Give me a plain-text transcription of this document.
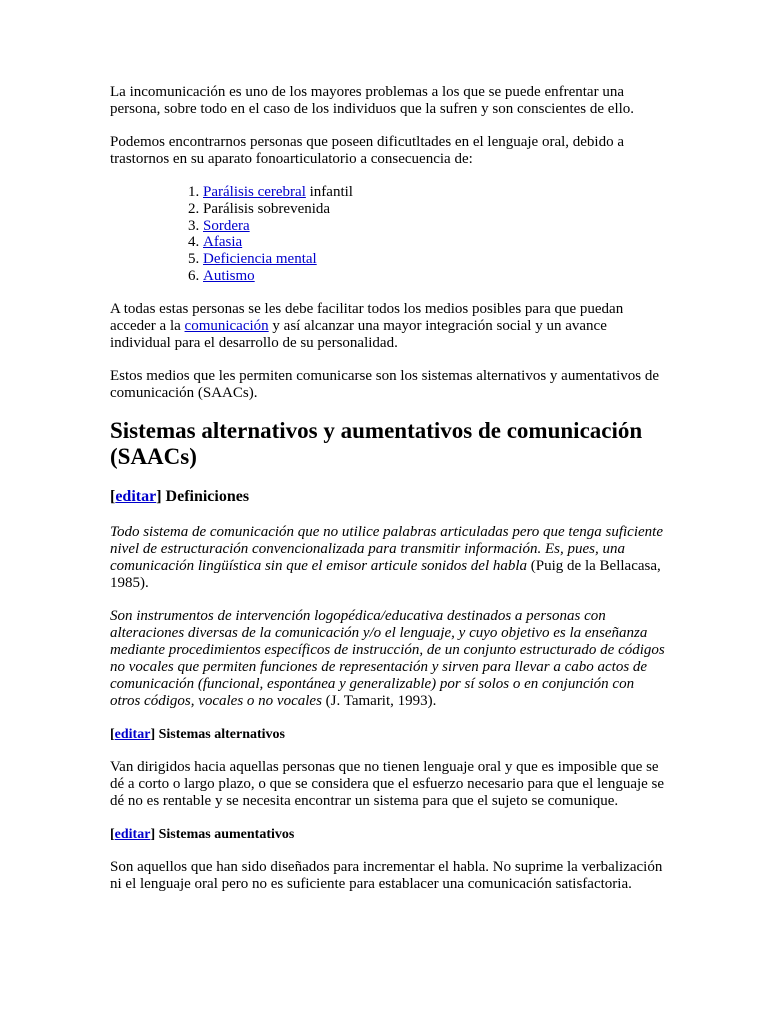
La incomunicación es uno de los mayores problemas a los que se puede enfrentar una persona, sobre todo en el caso de los individuos que la sufren y son conscientes de ello.

Podemos encontrarnos personas que poseen dificutltades en el lenguaje oral, debido a trastornos en su aparato fonoarticulatorio a consecuencia de:

1. Parálisis cerebral infantil
2. Parálisis sobrevenida
3. Sordera
4. Afasia
5. Deficiencia mental
6. Autismo

A todas estas personas se les debe facilitar todos los medios posibles para que puedan acceder a la comunicación y así alcanzar una mayor integración social y un avance individual para el desarrollo de su personalidad.

Estos medios que les permiten comunicarse son los sistemas alternativos y aumentativos de comunicación (SAACs).

Sistemas alternativos y aumentativos de comunicación (SAACs)
[editar] Definiciones

Todo sistema de comunicación que no utilice palabras articuladas pero que tenga suficiente nivel de estructuración convencionalizada para transmitir información. Es, pues, una comunicación lingüística sin que el emisor articule sonidos del habla (Puig de la Bellacasa, 1985).

Son instrumentos de intervención logopédica/educativa destinados a personas con alteraciones diversas de la comunicación y/o el lenguaje, y cuyo objetivo es la enseñanza mediante procedimientos específicos de instrucción, de un conjunto estructurado de códigos no vocales que permiten funciones de representación y sirven para llevar a cabo actos de comunicación (funcional, espontánea y generalizable) por sí solos o en conjunción con otros códigos, vocales o no vocales (J. Tamarit, 1993).

[editar] Sistemas alternativos

Van dirigidos hacia aquellas personas que no tienen lenguaje oral y que es imposible que se dé a corto o largo plazo, o que se considera que el esfuerzo necesario para que el lenguaje se dé no es rentable y se necesita encontrar un sistema para que el sujeto se comunique.

[editar] Sistemas aumentativos

Son aquellos que han sido diseñados para incrementar el habla. No suprime la verbalización ni el lenguaje oral pero no es suficiente para establacer una comunicación satisfactoria.
